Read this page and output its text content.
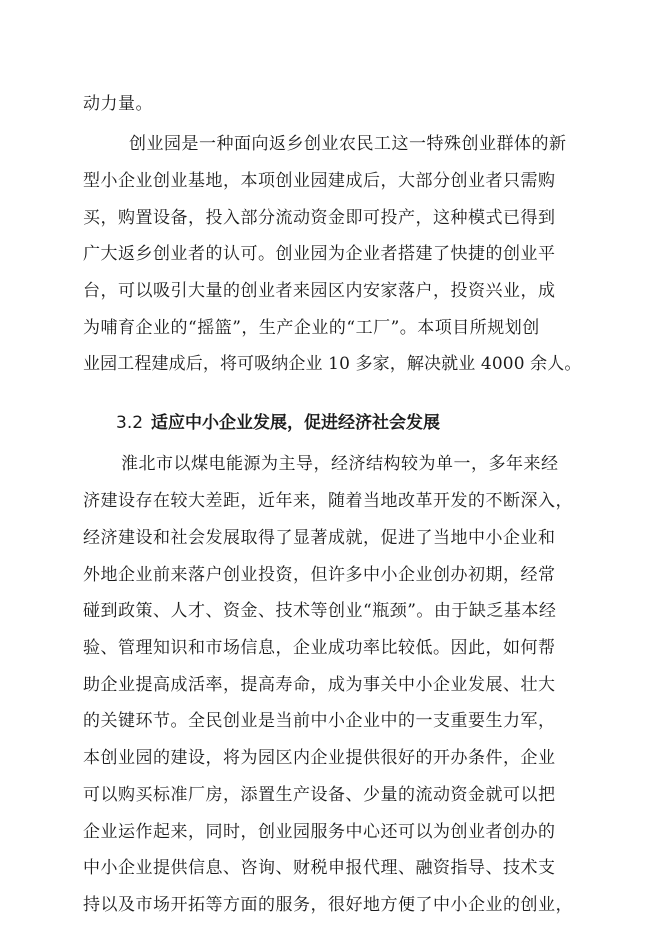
动力量。
创业园是一种面向返乡创业农民工这一特殊创业群体的新
型小企业创业基地，本项创业园建成后，大部分创业者只需购
买，购置设备，投入部分流动资金即可投产，这种模式已得到
广大返乡创业者的认可。创业园为企业者搭建了快捷的创业平
台，可以吸引大量的创业者来园区内安家落户，投资兴业，成
为哺育企业的“摇篮”，生产企业的“工厂”。本项目所规划创
业园工程建成后，将可吸纳企业 10 多家，解决就业 4000 余人。
3.2 适应中小企业发展，促进经济社会发展
淮北市以煤电能源为主导，经济结构较为单一，多年来经
济建设存在较大差距，近年来，随着当地改革开发的不断深入，
经济建设和社会发展取得了显著成就，促进了当地中小企业和
外地企业前来落户创业投资，但许多中小企业创办初期，经常
碰到政策、人才、资金、技术等创业“瓶颈”。由于缺乏基本经
验、管理知识和市场信息，企业成功率比较低。因此，如何帮
助企业提高成活率，提高寿命，成为事关中小企业发展、壮大
的关键环节。全民创业是当前中小企业中的一支重要生力军，
本创业园的建设，将为园区内企业提供很好的开办条件，企业
可以购买标准厂房，添置生产设备、少量的流动资金就可以把
企业运作起来，同时，创业园服务中心还可以为创业者创办的
中小企业提供信息、咨询、财税申报代理、融资指导、技术支
持以及市场开拓等方面的服务，很好地方便了中小企业的创业，
